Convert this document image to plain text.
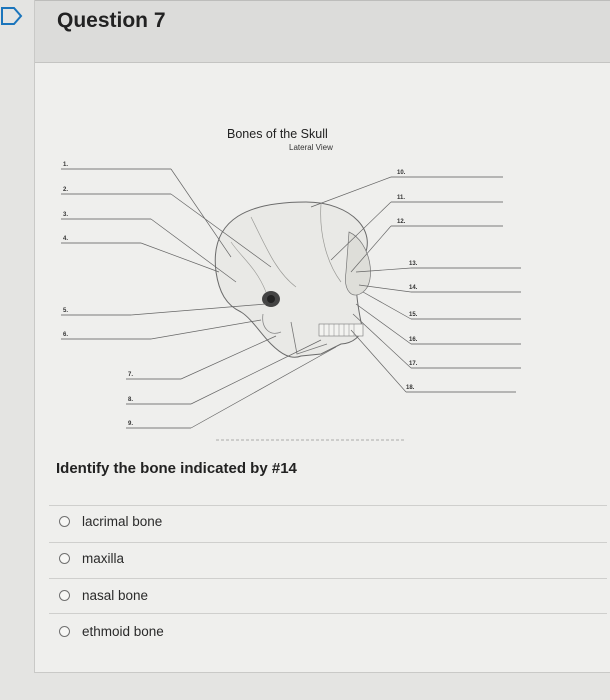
Question 7
Bones of the Skull
Lateral View
1.
2.
3.
4.
5.
6.
7.
8.
9.
10.
11.
12.
13.
14.
15.
16.
17.
18.
Identify the bone indicated by #14
lacrimal bone
maxilla
nasal bone
ethmoid bone
